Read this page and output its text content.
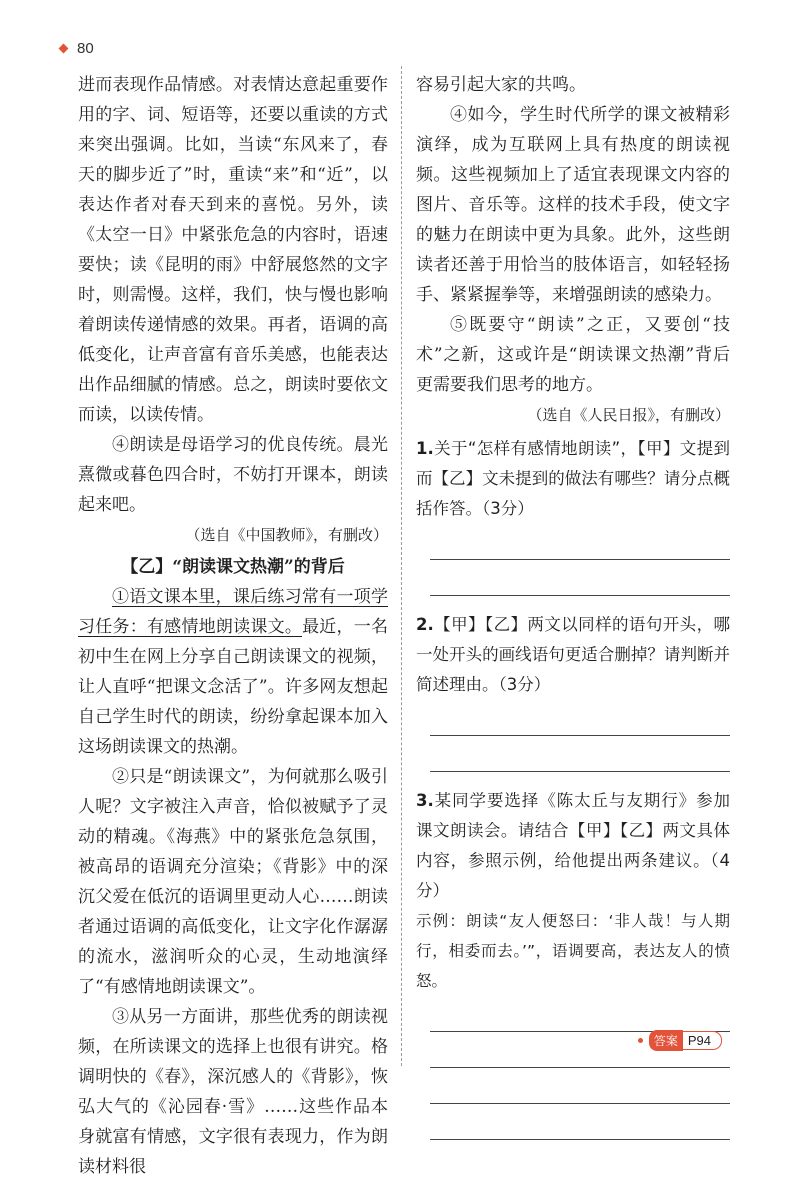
80

进而表现作品情感。对表情达意起重要作用的字、词、短语等，还要以重读的方式来突出强调。比如，当读“东风来了，春天的脚步近了”时，重读“来”和“近”，以表达作者对春天到来的喜悦。另外，读《太空一日》中紧张危急的内容时，语速要快；读《昆明的雨》中舒展悠然的文字时，则需慢。这样，我们，快与慢也影响着朗读传递情感的效果。再者，语调的高低变化，让声音富有音乐美感，也能表达出作品细腻的情感。总之，朗读时要依文而读，以读传情。

④朗读是母语学习的优良传统。晨光熹微或暮色四合时，不妨打开课本，朗读起来吧。

（选自《中国教师》，有删改）

【乙】“朗读课文热潮”的背后

①语文课本里，课后练习常有一项学习任务：有感情地朗读课文。最近，一名初中生在网上分享自己朗读课文的视频，让人直呼“把课文念活了”。许多网友想起自己学生时代的朗读，纷纷拿起课本加入这场朗读课文的热潮。

②只是“朗读课文”，为何就那么吸引人呢？文字被注入声音，恰似被赋予了灵动的精魂。《海燕》中的紧张危急氛围，被高昂的语调充分渲染；《背影》中的深沉父爱在低沉的语调里更动人心……朗读者通过语调的高低变化，让文字化作潺潺的流水，滋润听众的心灵，生动地演绎了“有感情地朗读课文”。

③从另一方面讲，那些优秀的朗读视频，在所读课文的选择上也很有讲究。格调明快的《春》，深沉感人的《背影》，恢弘大气的《沁园春·雪》……这些作品本身就富有情感，文字很有表现力，作为朗读材料很

容易引起大家的共鸣。

④如今，学生时代所学的课文被精彩演绎，成为互联网上具有热度的朗读视频。这些视频加上了适宜表现课文内容的图片、音乐等。这样的技术手段，使文字的魅力在朗读中更为具象。此外，这些朗读者还善于用恰当的肢体语言，如轻轻扬手、紧紧握拳等，来增强朗读的感染力。

⑤既要守“朗读”之正，又要创“技术”之新，这或许是“朗读课文热潮”背后更需要我们思考的地方。

（选自《人民日报》，有删改）

1.关于“怎样有感情地朗读”，【甲】文提到而【乙】文未提到的做法有哪些？请分点概括作答。（3分）

2.【甲】【乙】两文以同样的语句开头，哪一处开头的画线语句更适合删掉？请判断并简述理由。（3分）

3.某同学要选择《陈太丘与友期行》参加课文朗读会。请结合【甲】【乙】两文具体内容，参照示例，给他提出两条建议。（4分）

示例：朗读“友人便怒曰：‘非人哉！与人期行，相委而去。’”，语调要高，表达友人的愤怒。

答案 P94
